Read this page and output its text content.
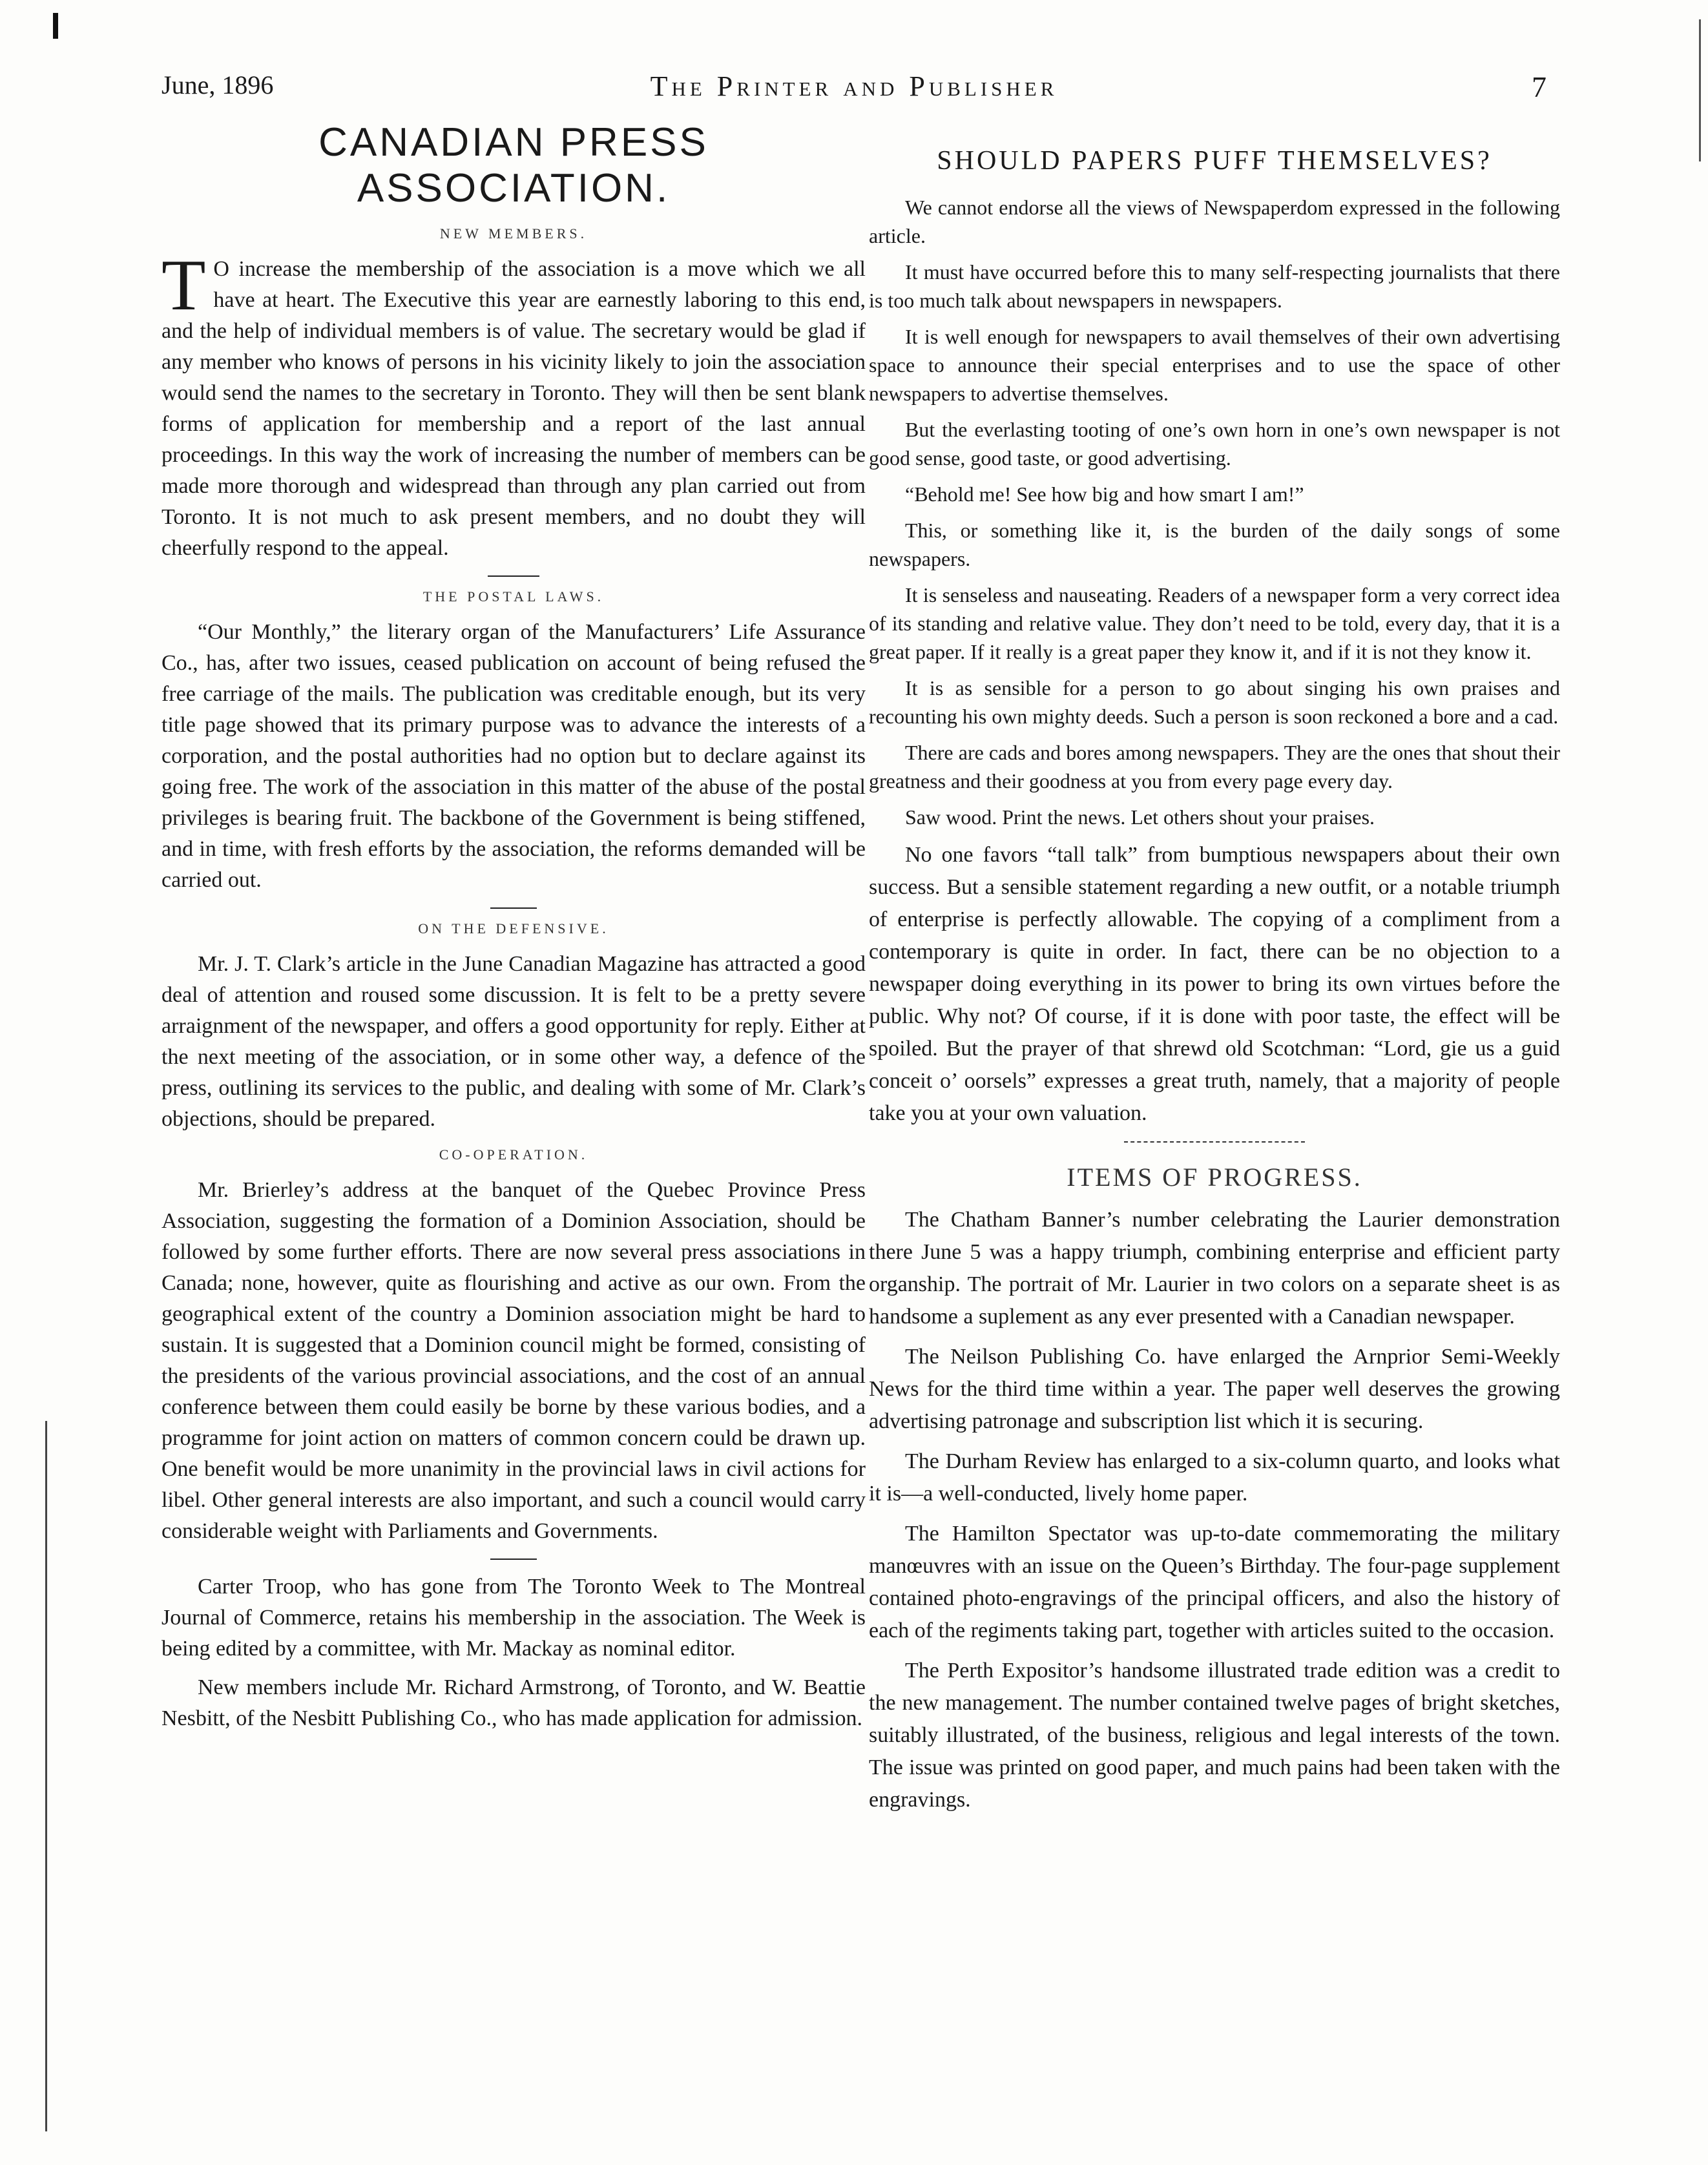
June, 1896	The Printer and Publisher	7
CANADIAN PRESS ASSOCIATION.
NEW MEMBERS.

T O increase the membership of the association is a move which we all have at heart. The Executive this year are earnestly laboring to this end, and the help of individual members is of value. The secretary would be glad if any member who knows of persons in his vicinity likely to join the association would send the names to the secretary in Toronto. They will then be sent blank forms of application for membership and a report of the last annual proceedings. In this way the work of increasing the number of members can be made more thorough and widespread than through any plan carried out from Toronto. It is not much to ask present members, and no doubt they will cheerfully respond to the appeal.

THE POSTAL LAWS.

“Our Monthly,” the literary organ of the Manufacturers’ Life Assurance Co., has, after two issues, ceased publication on account of being refused the free carriage of the mails. The publication was creditable enough, but its very title page showed that its primary purpose was to advance the interests of a corporation, and the postal authorities had no option but to declare against its going free. The work of the association in this matter of the abuse of the postal privileges is bearing fruit. The backbone of the Government is being stiffened, and in time, with fresh efforts by the association, the reforms demanded will be carried out.

ON THE DEFENSIVE.

Mr. J. T. Clark’s article in the June Canadian Magazine has attracted a good deal of attention and roused some discussion. It is felt to be a pretty severe arraignment of the newspaper, and offers a good opportunity for reply. Either at the next meeting of the association, or in some other way, a defence of the press, outlining its services to the public, and dealing with some of Mr. Clark’s objections, should be prepared.

CO-OPERATION.

Mr. Brierley’s address at the banquet of the Quebec Province Press Association, suggesting the formation of a Dominion Association, should be followed by some further efforts. There are now several press associations in Canada; none, however, quite as flourishing and active as our own. From the geographical extent of the country a Dominion association might be hard to sustain. It is suggested that a Dominion council might be formed, consisting of the presidents of the various provincial associations, and the cost of an annual conference between them could easily be borne by these various bodies, and a programme for joint action on matters of common concern could be drawn up. One benefit would be more unanimity in the provincial laws in civil actions for libel. Other general interests are also important, and such a council would carry considerable weight with Parliaments and Governments.

Carter Troop, who has gone from The Toronto Week to The Montreal Journal of Commerce, retains his membership in the association. The Week is being edited by a committee, with Mr. Mackay as nominal editor.

New members include Mr. Richard Armstrong, of Toronto, and W. Beattie Nesbitt, of the Nesbitt Publishing Co., who has made application for admission.

SHOULD PAPERS PUFF THEMSELVES?

We cannot endorse all the views of Newspaperdom expressed in the following article.

It must have occurred before this to many self-respecting journalists that there is too much talk about newspapers in newspapers.

It is well enough for newspapers to avail themselves of their own advertising space to announce their special enterprises and to use the space of other newspapers to advertise themselves.

But the everlasting tooting of one’s own horn in one’s own newspaper is not good sense, good taste, or good advertising.

“Behold me! See how big and how smart I am!”

This, or something like it, is the burden of the daily songs of some newspapers.

It is senseless and nauseating. Readers of a newspaper form a very correct idea of its standing and relative value. They don’t need to be told, every day, that it is a great paper. If it really is a great paper they know it, and if it is not they know it.

It is as sensible for a person to go about singing his own praises and recounting his own mighty deeds. Such a person is soon reckoned a bore and a cad.

There are cads and bores among newspapers. They are the ones that shout their greatness and their goodness at you from every page every day.

Saw wood. Print the news. Let others shout your praises.

No one favors “tall talk” from bumptious newspapers about their own success. But a sensible statement regarding a new outfit, or a notable triumph of enterprise is perfectly allowable. The copying of a compliment from a contemporary is quite in order. In fact, there can be no objection to a newspaper doing everything in its power to bring its own virtues before the public. Why not? Of course, if it is done with poor taste, the effect will be spoiled. But the prayer of that shrewd old Scotchman: “Lord, gie us a guid conceit o’ oorsels” expresses a great truth, namely, that a majority of people take you at your own valuation.

ITEMS OF PROGRESS.

The Chatham Banner’s number celebrating the Laurier demonstration there June 5 was a happy triumph, combining enterprise and efficient party organship. The portrait of Mr. Laurier in two colors on a separate sheet is as handsome a suplement as any ever presented with a Canadian newspaper.

The Neilson Publishing Co. have enlarged the Arnprior Semi-Weekly News for the third time within a year. The paper well deserves the growing advertising patronage and subscription list which it is securing.

The Durham Review has enlarged to a six-column quarto, and looks what it is—a well-conducted, lively home paper.

The Hamilton Spectator was up-to-date commemorating the military manœuvres with an issue on the Queen’s Birthday. The four-page supplement contained photo-engravings of the principal officers, and also the history of each of the regiments taking part, together with articles suited to the occasion.

The Perth Expositor’s handsome illustrated trade edition was a credit to the new management. The number contained twelve pages of bright sketches, suitably illustrated, of the business, religious and legal interests of the town. The issue was printed on good paper, and much pains had been taken with the engravings.
